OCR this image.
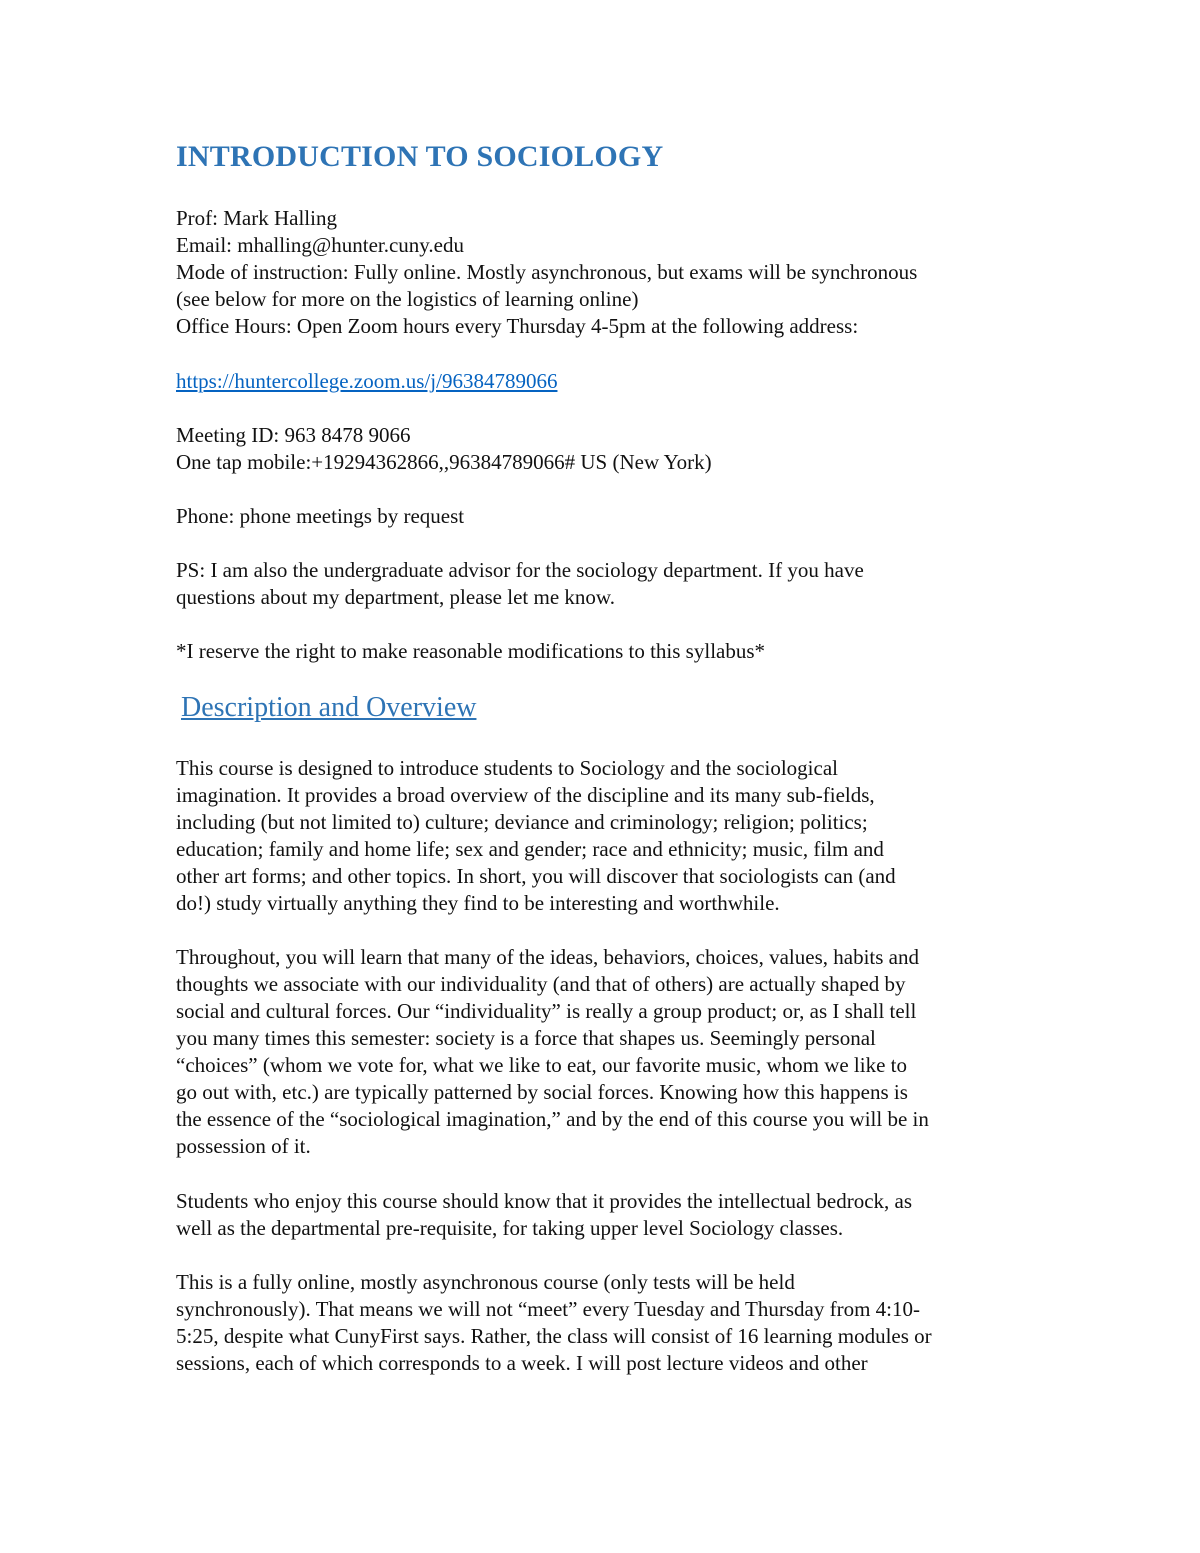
INTRODUCTION TO SOCIOLOGY
Prof: Mark Halling
Email: mhalling@hunter.cuny.edu
Mode of instruction: Fully online. Mostly asynchronous, but exams will be synchronous
(see below for more on the logistics of learning online)
Office Hours: Open Zoom hours every Thursday 4-5pm at the following address:
https://huntercollege.zoom.us/j/96384789066
Meeting ID: 963 8478 9066
One tap mobile:+19294362866,,96384789066# US (New York)
Phone: phone meetings by request
PS: I am also the undergraduate advisor for the sociology department. If you have
questions about my department, please let me know.
*I reserve the right to make reasonable modifications to this syllabus*
Description and Overview
This course is designed to introduce students to Sociology and the sociological
imagination. It provides a broad overview of the discipline and its many sub-fields,
including (but not limited to) culture; deviance and criminology; religion; politics;
education; family and home life; sex and gender; race and ethnicity; music, film and
other art forms; and other topics. In short, you will discover that sociologists can (and
do!) study virtually anything they find to be interesting and worthwhile.
Throughout, you will learn that many of the ideas, behaviors, choices, values, habits and
thoughts we associate with our individuality (and that of others) are actually shaped by
social and cultural forces. Our “individuality” is really a group product; or, as I shall tell
you many times this semester: society is a force that shapes us. Seemingly personal
“choices” (whom we vote for, what we like to eat, our favorite music, whom we like to
go out with, etc.) are typically patterned by social forces. Knowing how this happens is
the essence of the “sociological imagination,” and by the end of this course you will be in
possession of it.
Students who enjoy this course should know that it provides the intellectual bedrock, as
well as the departmental pre-requisite, for taking upper level Sociology classes.
This is a fully online, mostly asynchronous course (only tests will be held
synchronously). That means we will not “meet” every Tuesday and Thursday from 4:10-
5:25, despite what CunyFirst says. Rather, the class will consist of 16 learning modules or
sessions, each of which corresponds to a week. I will post lecture videos and other
